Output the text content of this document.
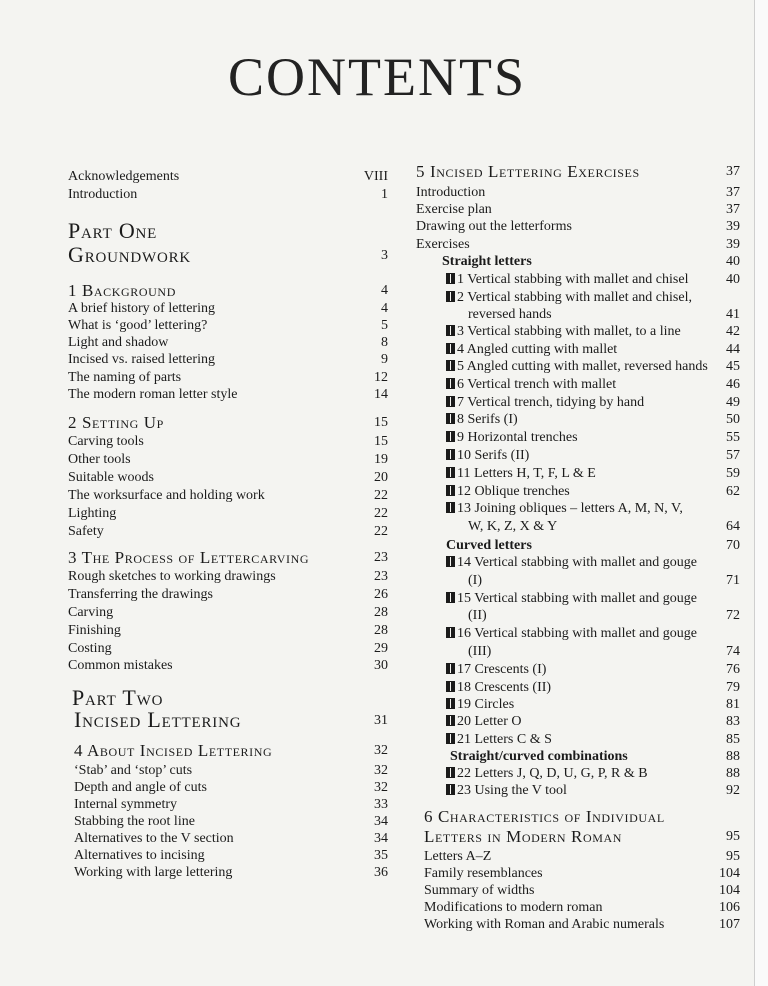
CONTENTS
Acknowledgements	VIII
Introduction	1
Part One
Groundwork	3
1 Background	4
A brief history of lettering	4
What is ‘good’ lettering?	5
Light and shadow	8
Incised vs. raised lettering	9
The naming of parts	12
The modern roman letter style	14
2 Setting Up	15
Carving tools	15
Other tools	19
Suitable woods	20
The worksurface and holding work	22
Lighting	22
Safety	22
3 The Process of Lettercarving	23
Rough sketches to working drawings	23
Transferring the drawings	26
Carving	28
Finishing	28
Costing	29
Common mistakes	30
Part Two
Incised Lettering	31
4 About Incised Lettering	32
‘Stab’ and ‘stop’ cuts	32
Depth and angle of cuts	32
Internal symmetry	33
Stabbing the root line	34
Alternatives to the V section	34
Alternatives to incising	35
Working with large lettering	36
5 Incised Lettering Exercises	37
Introduction	37
Exercise plan	37
Drawing out the letterforms	39
Exercises	39
Straight letters	40
1 Vertical stabbing with mallet and chisel	40
2 Vertical stabbing with mallet and chisel,
reversed hands	41
3 Vertical stabbing with mallet, to a line	42
4 Angled cutting with mallet	44
5 Angled cutting with mallet, reversed hands	45
6 Vertical trench with mallet	46
7 Vertical trench, tidying by hand	49
8 Serifs (I)	50
9 Horizontal trenches	55
10 Serifs (II)	57
11 Letters H, T, F, L & E	59
12 Oblique trenches	62
13 Joining obliques – letters A, M, N, V,
W, K, Z, X & Y	64
Curved letters	70
14 Vertical stabbing with mallet and gouge
(I)	71
15 Vertical stabbing with mallet and gouge
(II)	72
16 Vertical stabbing with mallet and gouge
(III)	74
17 Crescents (I)	76
18 Crescents (II)	79
19 Circles	81
20 Letter O	83
21 Letters C & S	85
Straight/curved combinations	88
22 Letters J, Q, D, U, G, P, R & B	88
23 Using the V tool	92
6 Characteristics of Individual
Letters in Modern Roman	95
Letters A–Z	95
Family resemblances	104
Summary of widths	104
Modifications to modern roman	106
Working with Roman and Arabic numerals	107
